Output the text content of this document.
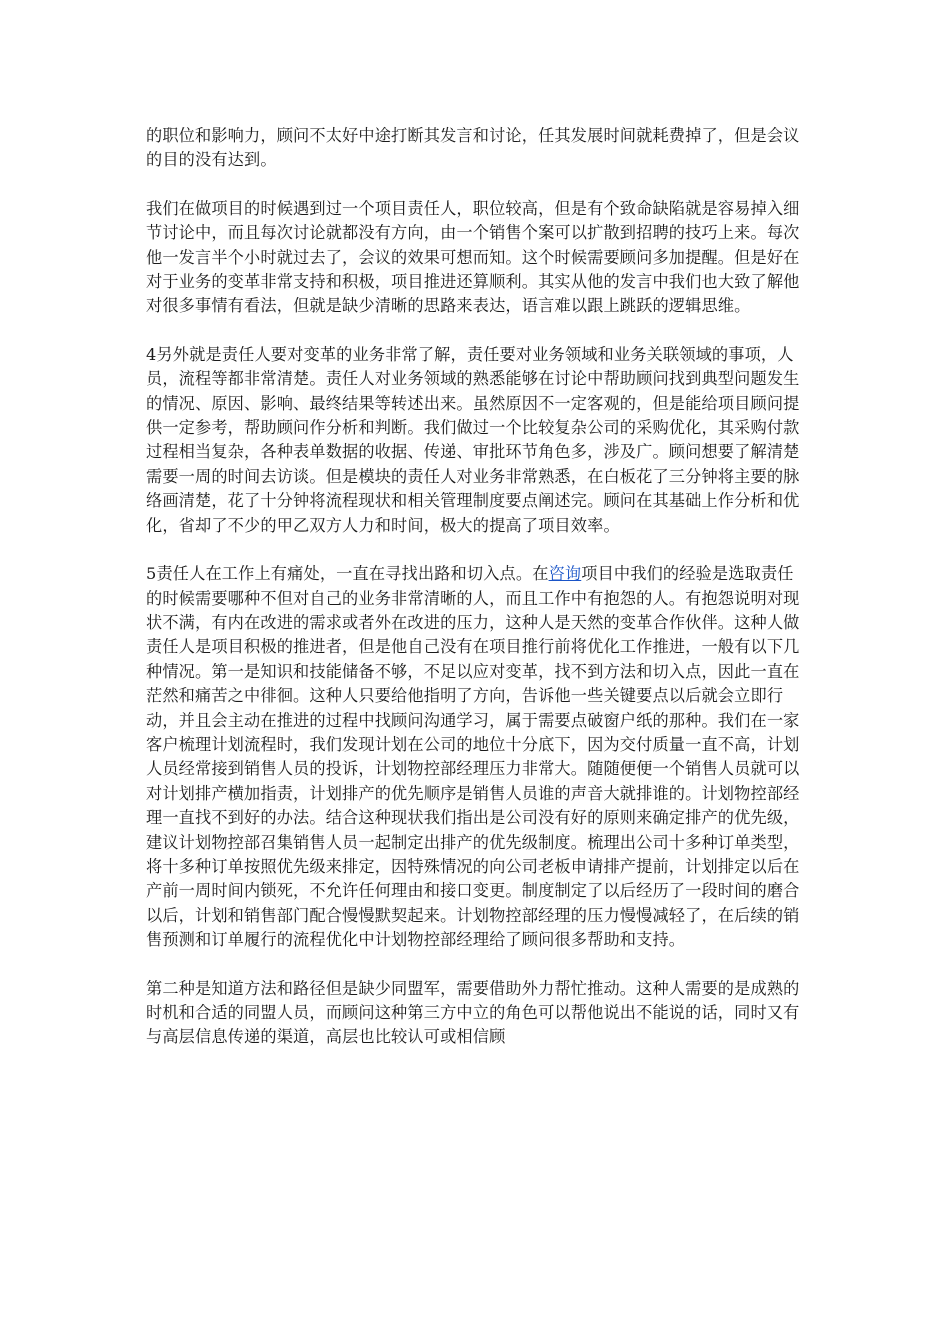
的职位和影响力，顾问不太好中途打断其发言和讨论，任其发展时间就耗费掉了，但是会议的目的没有达到。

我们在做项目的时候遇到过一个项目责任人，职位较高，但是有个致命缺陷就是容易掉入细节讨论中，而且每次讨论就都没有方向，由一个销售个案可以扩散到招聘的技巧上来。每次他一发言半个小时就过去了，会议的效果可想而知。这个时候需要顾问多加提醒。但是好在对于业务的变革非常支持和积极，项目推进还算顺利。其实从他的发言中我们也大致了解他对很多事情有看法，但就是缺少清晰的思路来表达，语言难以跟上跳跃的逻辑思维。

4另外就是责任人要对变革的业务非常了解，责任要对业务领域和业务关联领域的事项，人员，流程等都非常清楚。责任人对业务领域的熟悉能够在讨论中帮助顾问找到典型问题发生的情况、原因、影响、最终结果等转述出来。虽然原因不一定客观的，但是能给项目顾问提供一定参考，帮助顾问作分析和判断。我们做过一个比较复杂公司的采购优化，其采购付款过程相当复杂，各种表单数据的收据、传递、审批环节角色多，涉及广。顾问想要了解清楚需要一周的时间去访谈。但是模块的责任人对业务非常熟悉，在白板花了三分钟将主要的脉络画清楚，花了十分钟将流程现状和相关管理制度要点阐述完。顾问在其基础上作分析和优化，省却了不少的甲乙双方人力和时间，极大的提高了项目效率。

5责任人在工作上有痛处，一直在寻找出路和切入点。在咨询项目中我们的经验是选取责任的时候需要哪种不但对自己的业务非常清晰的人，而且工作中有抱怨的人。有抱怨说明对现状不满，有内在改进的需求或者外在改进的压力，这种人是天然的变革合作伙伴。这种人做责任人是项目积极的推进者，但是他自己没有在项目推行前将优化工作推进，一般有以下几种情况。第一是知识和技能储备不够，不足以应对变革，找不到方法和切入点，因此一直在茫然和痛苦之中徘徊。这种人只要给他指明了方向，告诉他一些关键要点以后就会立即行动，并且会主动在推进的过程中找顾问沟通学习，属于需要点破窗户纸的那种。我们在一家客户梳理计划流程时，我们发现计划在公司的地位十分底下，因为交付质量一直不高，计划人员经常接到销售人员的投诉，计划物控部经理压力非常大。随随便便一个销售人员就可以对计划排产横加指责，计划排产的优先顺序是销售人员谁的声音大就排谁的。计划物控部经理一直找不到好的办法。结合这种现状我们指出是公司没有好的原则来确定排产的优先级，建议计划物控部召集销售人员一起制定出排产的优先级制度。梳理出公司十多种订单类型，将十多种订单按照优先级来排定，因特殊情况的向公司老板申请排产提前，计划排定以后在产前一周时间内锁死，不允许任何理由和接口变更。制度制定了以后经历了一段时间的磨合以后，计划和销售部门配合慢慢默契起来。计划物控部经理的压力慢慢减轻了，在后续的销售预测和订单履行的流程优化中计划物控部经理给了顾问很多帮助和支持。

第二种是知道方法和路径但是缺少同盟军，需要借助外力帮忙推动。这种人需要的是成熟的时机和合适的同盟人员，而顾问这种第三方中立的角色可以帮他说出不能说的话，同时又有与高层信息传递的渠道，高层也比较认可或相信顾
